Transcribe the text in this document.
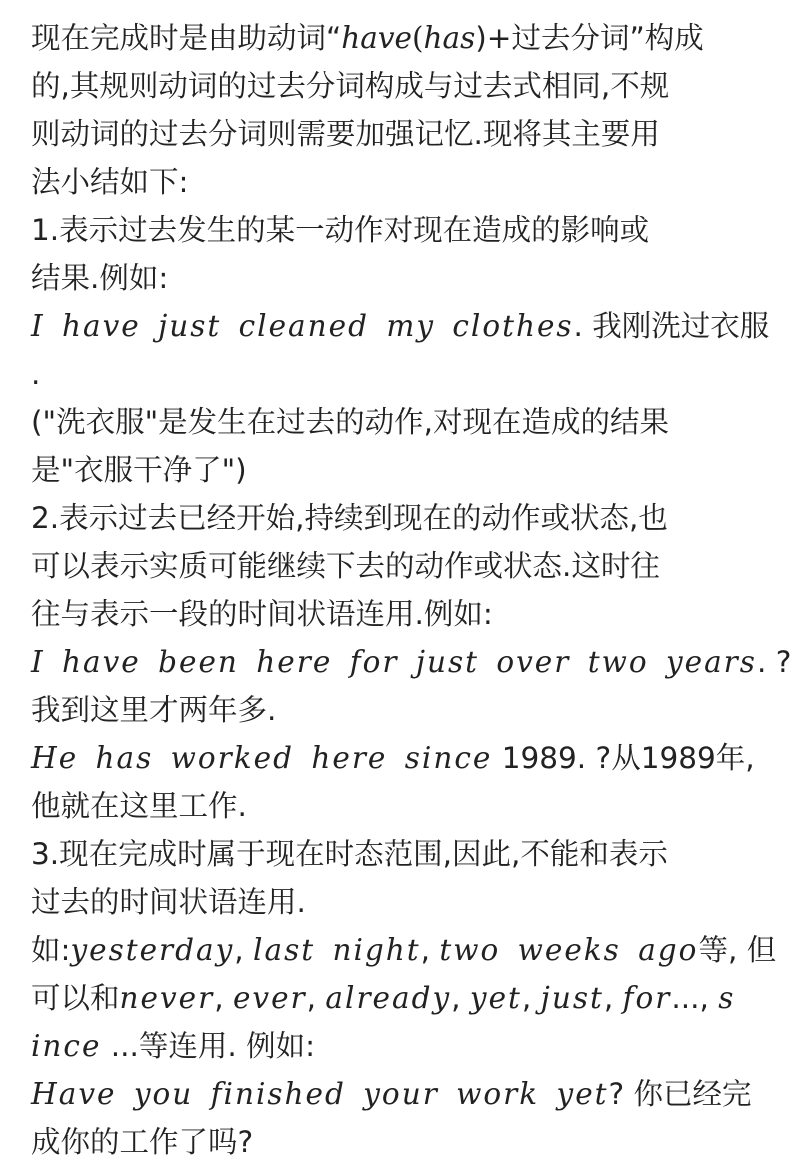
现在完成时是由助动词“have(has)+过去分词”构成
的,其规则动词的过去分词构成与过去式相同,不规
则动词的过去分词则需要加强记忆.现将其主要用
法小结如下:
1.表示过去发生的某一动作对现在造成的影响或
结果.例如:
I have just cleaned my clothes. 我刚洗过衣服
.
("洗衣服"是发生在过去的动作,对现在造成的结果
是"衣服干净了")
2.表示过去已经开始,持续到现在的动作或状态,也
可以表示实质可能继续下去的动作或状态.这时往
往与表示一段的时间状语连用.例如:
I have been here for just over two years. ?
我到这里才两年多.
He has worked here since 1989. ?从1989年,
他就在这里工作.
3.现在完成时属于现在时态范围,因此,不能和表示
过去的时间状语连用.
如:yesterday, last night, two weeks ago等, 但
可以和never, ever, already, yet, just, for..., s
ince ...等连用. 例如:
Have you finished your work yet? 你已经完
成你的工作了吗?
